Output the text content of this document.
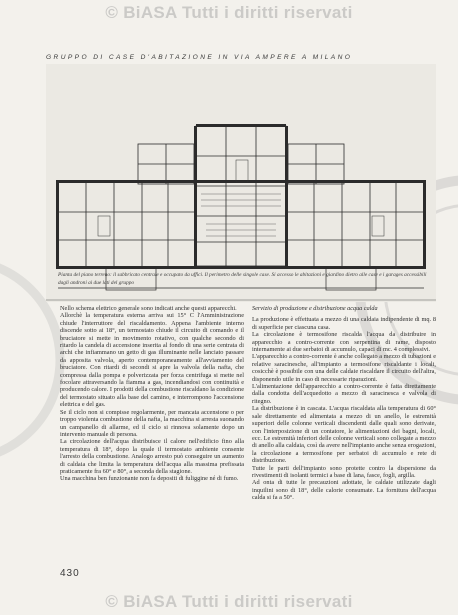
© BiASA Tutti i diritti riservati
GRUPPO DI CASE D'ABITAZIONE IN VIA AMPERE A MILANO
Pianta del piano terreno: il sabbricato centrale e occupato da uffici. Il perimetro delle singole case. Si accesso le abitazioni e giardino dietro alle case e i garages accessibili dagli androni ai due lati del gruppo

Nello schema elettrico generale sono indicati anche questi apparecchi.

Allorchè la temperatura esterna arriva sui 15° C l'Amministrazione chiude l'interruttore del riscaldamento. Appena l'ambiente interno discende sotto ai 18°, un termostato chiude il circuito di comando e il bruciatore si mette in movimento rotativo, con qualche secondo di ritardo la candela di accensione inserita al fondo di una serie centrata di archi che infiammano un getto di gas illuminante nelle lanciato passare da apposita valvola, aperto contemporaneamente all'avviamento del bruciatore. Con ritardi di secondi si apre la valvola della nafta, che compressa dalla pompa e polverizzata per forza centrifuga si mette nel focolare attraversando la fiamma a gas, incendiandosi con continuità e producendo calore. I prodotti della combustione riscaldano la condizione del termostato situato alla base del camino, e interrompono l'accensione elettrica e del gas.

Se il ciclo non si compisse regolarmente, per mancata accensione o per troppo violenta combustione della nafta, la macchina si arresta suonando un campanello di allarme, ed il ciclo si rinnova solamente dopo un intervento manuale di persona.

La circolazione dell'acqua distribuisce il calore nell'edificio fino alla temperatura di 18°, dopo la quale il termostato ambiente consente l'arresto della combustione. Analogo arresto può conseguire un aumento di caldaia che limita la temperatura dell'acqua alla massima prefissata praticamente fra 60° e 80°, a seconda della stagione.

Una macchina ben funzionante non fa depositi di fuliggine né di fumo.

Servizio di produzione e distribuzione acqua calda

La produzione è effettuata a mezzo di una caldaia indipendente di mq. 8 di superficie per ciascuna casa.

La circolazione è termosifone riscalda l'acqua da distribuire in apparecchio a contro-corrente con serpentina di rame, disposto internamente ai due serbatoi di accumulo, capaci di mc. 4 complessivi.

L'apparecchio a contro-corrente è anche collegato a mezzo di tubazioni e relative saracinesche, all'impianto a termosifone riscaldante i locali, cosicchè è possibile con una delle caldaie riscaldare il circuito dell'altra, disponendo utile in caso di necessarie riparazioni.

L'alimentazione dell'apparecchio a contro-corrente è fatta direttamente dalla condotta dell'acquedotto a mezzo di saracinesca e valvola di ritegno.

La distribuzione è in cascata. L'acqua riscaldata alla temperatura di 60° sale direttamente ed alimentata a mezzo di un anello, le estremità superiori delle colonne verticali discendenti dalle quali sono derivate, con l'interposizione di un contatore, le alimentazioni dei bagni, locali, ecc. Le estremità inferiori delle colonne verticali sono collegate a mezzo di anello alla caldaia, così da avere nell'impianto anche senza erogazioni, la circolazione a termosifone per serbatoi di accumulo e rete di distribuzione.

Tutte le parti dell'impianto sono protette contro la dispersione da rivestimenti di isolanti termici a base di lana, fasce, fogli, argilla.

Ad onta di tutte le precauzioni adottate, le caldaie utilizzate dagli inquilini sono di 18°, delle calorie consumate. La fornitura dell'acqua calda si fa a 50°.

430
© BiASA Tutti i diritti riservati
